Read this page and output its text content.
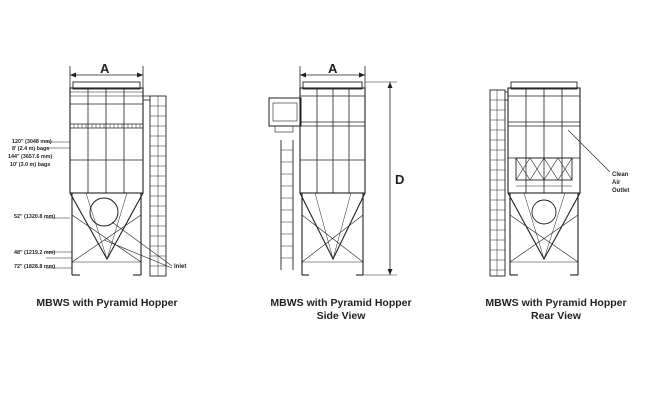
A
120" (3048 mm)
8' (2.4 m) bags
144" (3657.6 mm)
10' (3.0 m) bags
52" (1320.8 mm)
48" (1219.2 mm)
72" (1828.8 mm)	Inlet
A
D	Clean
Air
Outlet
MBWS with Pyramid Hopper	MBWS with Pyramid Hopper
Side View
MBWS with Pyramid Hopper
Rear View
